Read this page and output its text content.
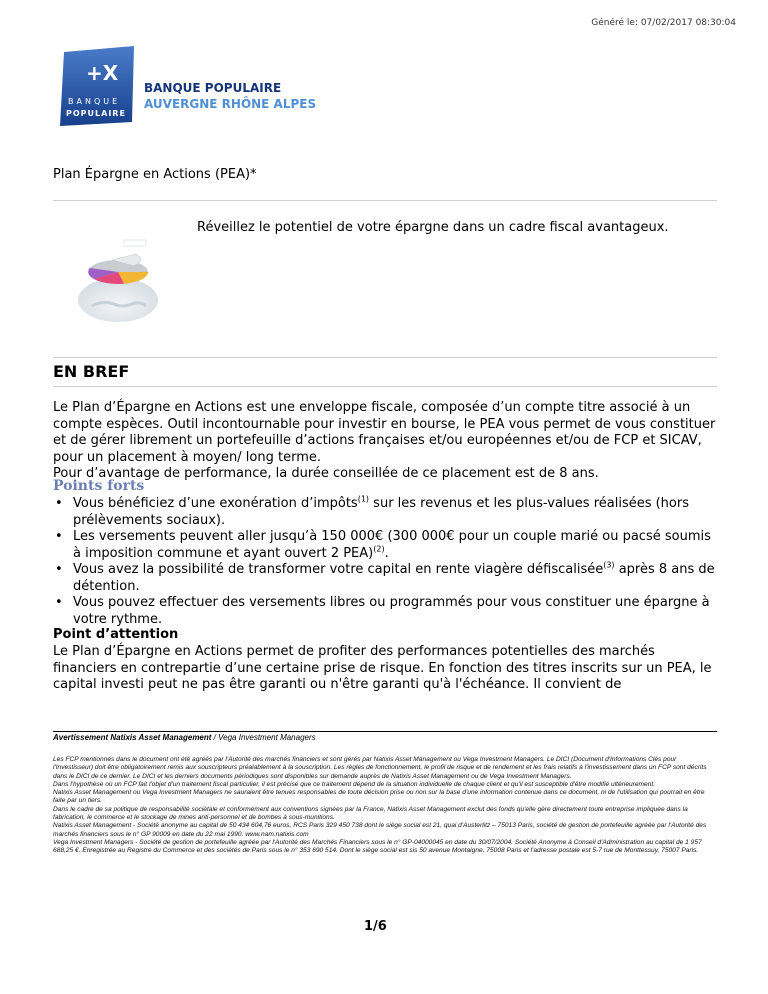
Généré le: 07/02/2017 08:30:04
+X
BANQUE
POPULAIRE
BANQUE POPULAIRE
AUVERGNE RHÔNE ALPES
Plan Épargne en Actions (PEA)*
Réveillez le potentiel de votre épargne dans un cadre fiscal avantageux.
EN BREF

Le Plan d’Épargne en Actions est une enveloppe fiscale, composée d’un compte titre associé à un compte espèces. Outil incontournable pour investir en bourse, le PEA vous permet de vous constituer et de gérer librement un portefeuille d’actions françaises et/ou européennes et/ou de FCP et SICAV, pour un placement à moyen/ long terme.

Pour d’avantage de performance, la durée conseillée de ce placement est de 8 ans.

Points forts
• Vous bénéficiez d’une exonération d’impôts$^{(1)}$ sur les revenus et les plus-values réalisées (hors prélèvements sociaux).
• Les versements peuvent aller jusqu’à 150 000€ (300 000€ pour un couple marié ou pacsé soumis à imposition commune et ayant ouvert 2 PEA)$^{(2)}$.
• Vous avez la possibilité de transformer votre capital en rente viagère défiscalisée$^{(3)}$ après 8 ans de détention.
• Vous pouvez effectuer des versements libres ou programmés pour vous constituer une épargne à votre rythme.
Point d’attention
Le Plan d’Épargne en Actions permet de profiter des performances potentielles des marchés financiers en contrepartie d’une certaine prise de risque. En fonction des titres inscrits sur un PEA, le capital investi peut ne pas être garanti ou n'être garanti qu'à l'échéance. Il convient de
Avertissement Natixis Asset Management / Vega Investment Managers

Les FCP mentionnés dans le document ont été agréés par l'Autorité des marchés financiers et sont gérés par Natixis Asset Management ou Vega Investment Managers. Le DICI (Document d'Informations Clés pour l'Investisseur) doit être obligatoirement remis aux souscripteurs préalablement à la souscription. Les règles de fonctionnement, le profil de risque et de rendement et les frais relatifs à l'investissement dans un FCP sont décrits dans le DICI de ce dernier. Le DICI et les derniers documents périodiques sont disponibles sur demande auprès de Natixis Asset Management ou de Vega Investment Managers.

Dans l'hypothèse où un FCP fait l'objet d'un traitement fiscal particulier, il est précisé que ce traitement dépend de la situation individuelle de chaque client et qu'il est susceptible d'être modifié ultérieurement.

Natixis Asset Management ou Vega Investment Managers ne sauraient être tenues responsables de toute décision prise ou non sur la base d'une information contenue dans ce document, ni de l'utilisation qui pourrait en être faite par un tiers.

Dans le cadre de sa politique de responsabilité sociétale et conformément aux conventions signées par la France, Natixis Asset Management exclut des fonds qu'elle gère directement toute entreprise impliquée dans la fabrication, le commerce et le stockage de mines anti-personnel et de bombes à sous-munitions.

Natixis Asset Management - Société anonyme au capital de 50 434 604,76 euros, RCS Paris 329 450 738 dont le siège social est 21, quai d'Austerlitz – 75013 Paris, société de gestion de portefeuille agréée par l'Autorité des marchés financiers sous le n° GP 90009 en date du 22 mai 1990. www.nam.natixis.com

Vega Investment Managers - Société de gestion de portefeuille agréée par l'Autorité des Marchés Financiers sous le n° GP-04000045 en date du 30/07/2004. Société Anonyme à Conseil d'Administration au capital de 1 957 688,25 €. Enregistrée au Registre du Commerce et des sociétés de Paris sous le n° 353 690 514. Dont le siège social est sis 50 avenue Montaigne, 75008 Paris et l'adresse postale est 5-7 rue de Monttessuy, 75007 Paris.

1/6
